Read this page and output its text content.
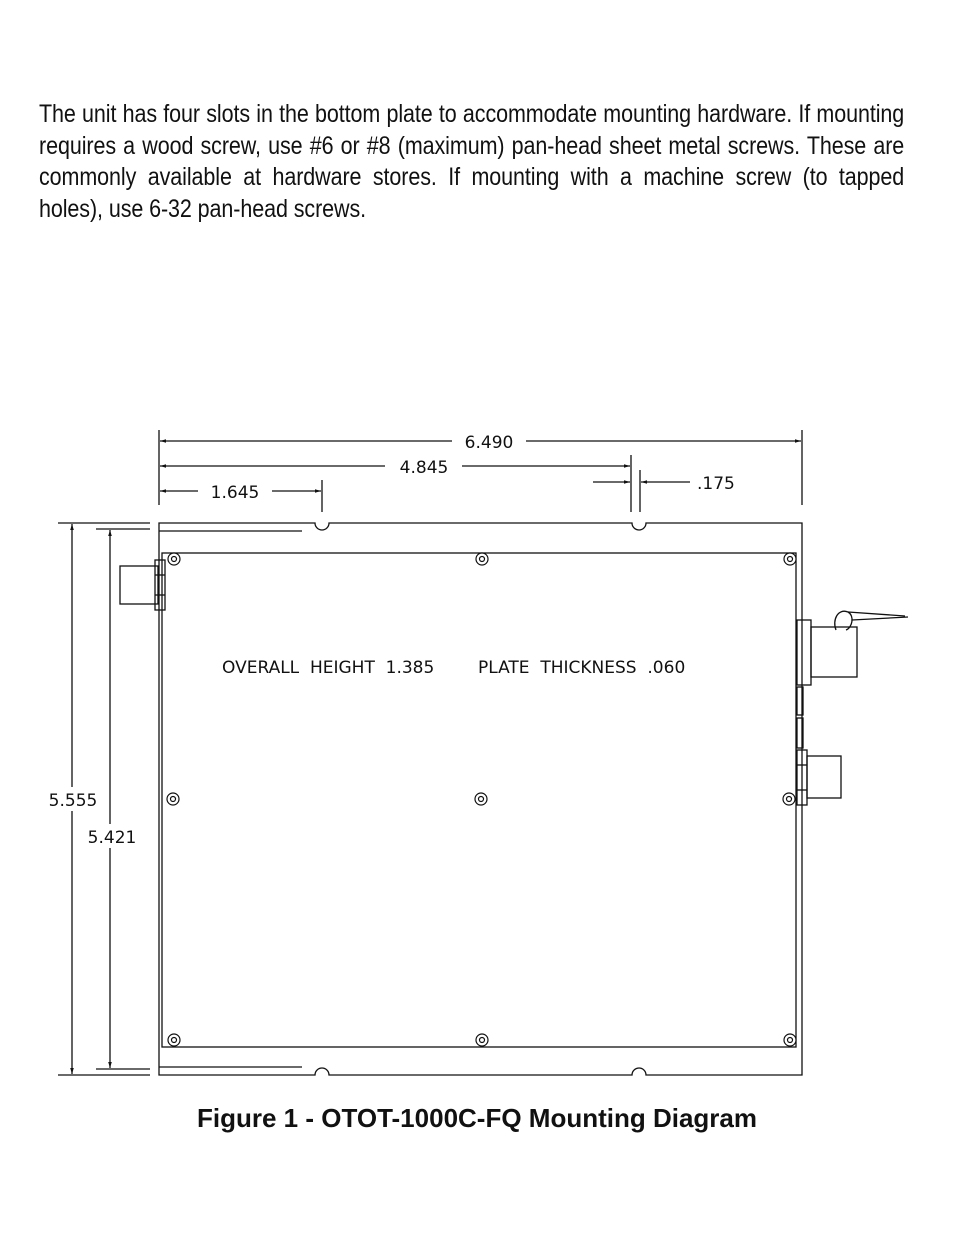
The unit has four slots in the bottom plate to accommodate mounting hardware. If mounting requires a wood screw, use #6 or #8 (maximum) pan-head sheet metal screws. These are commonly available at hardware stores. If mounting with a machine screw (to tapped holes), use 6-32 pan-head screws.

6.490
4.845
1.645	.175
5.555
5.421
OVERALL  HEIGHT  1.385	PLATE  THICKNESS  .060
Figure 1 - OTOT-1000C-FQ Mounting Diagram
